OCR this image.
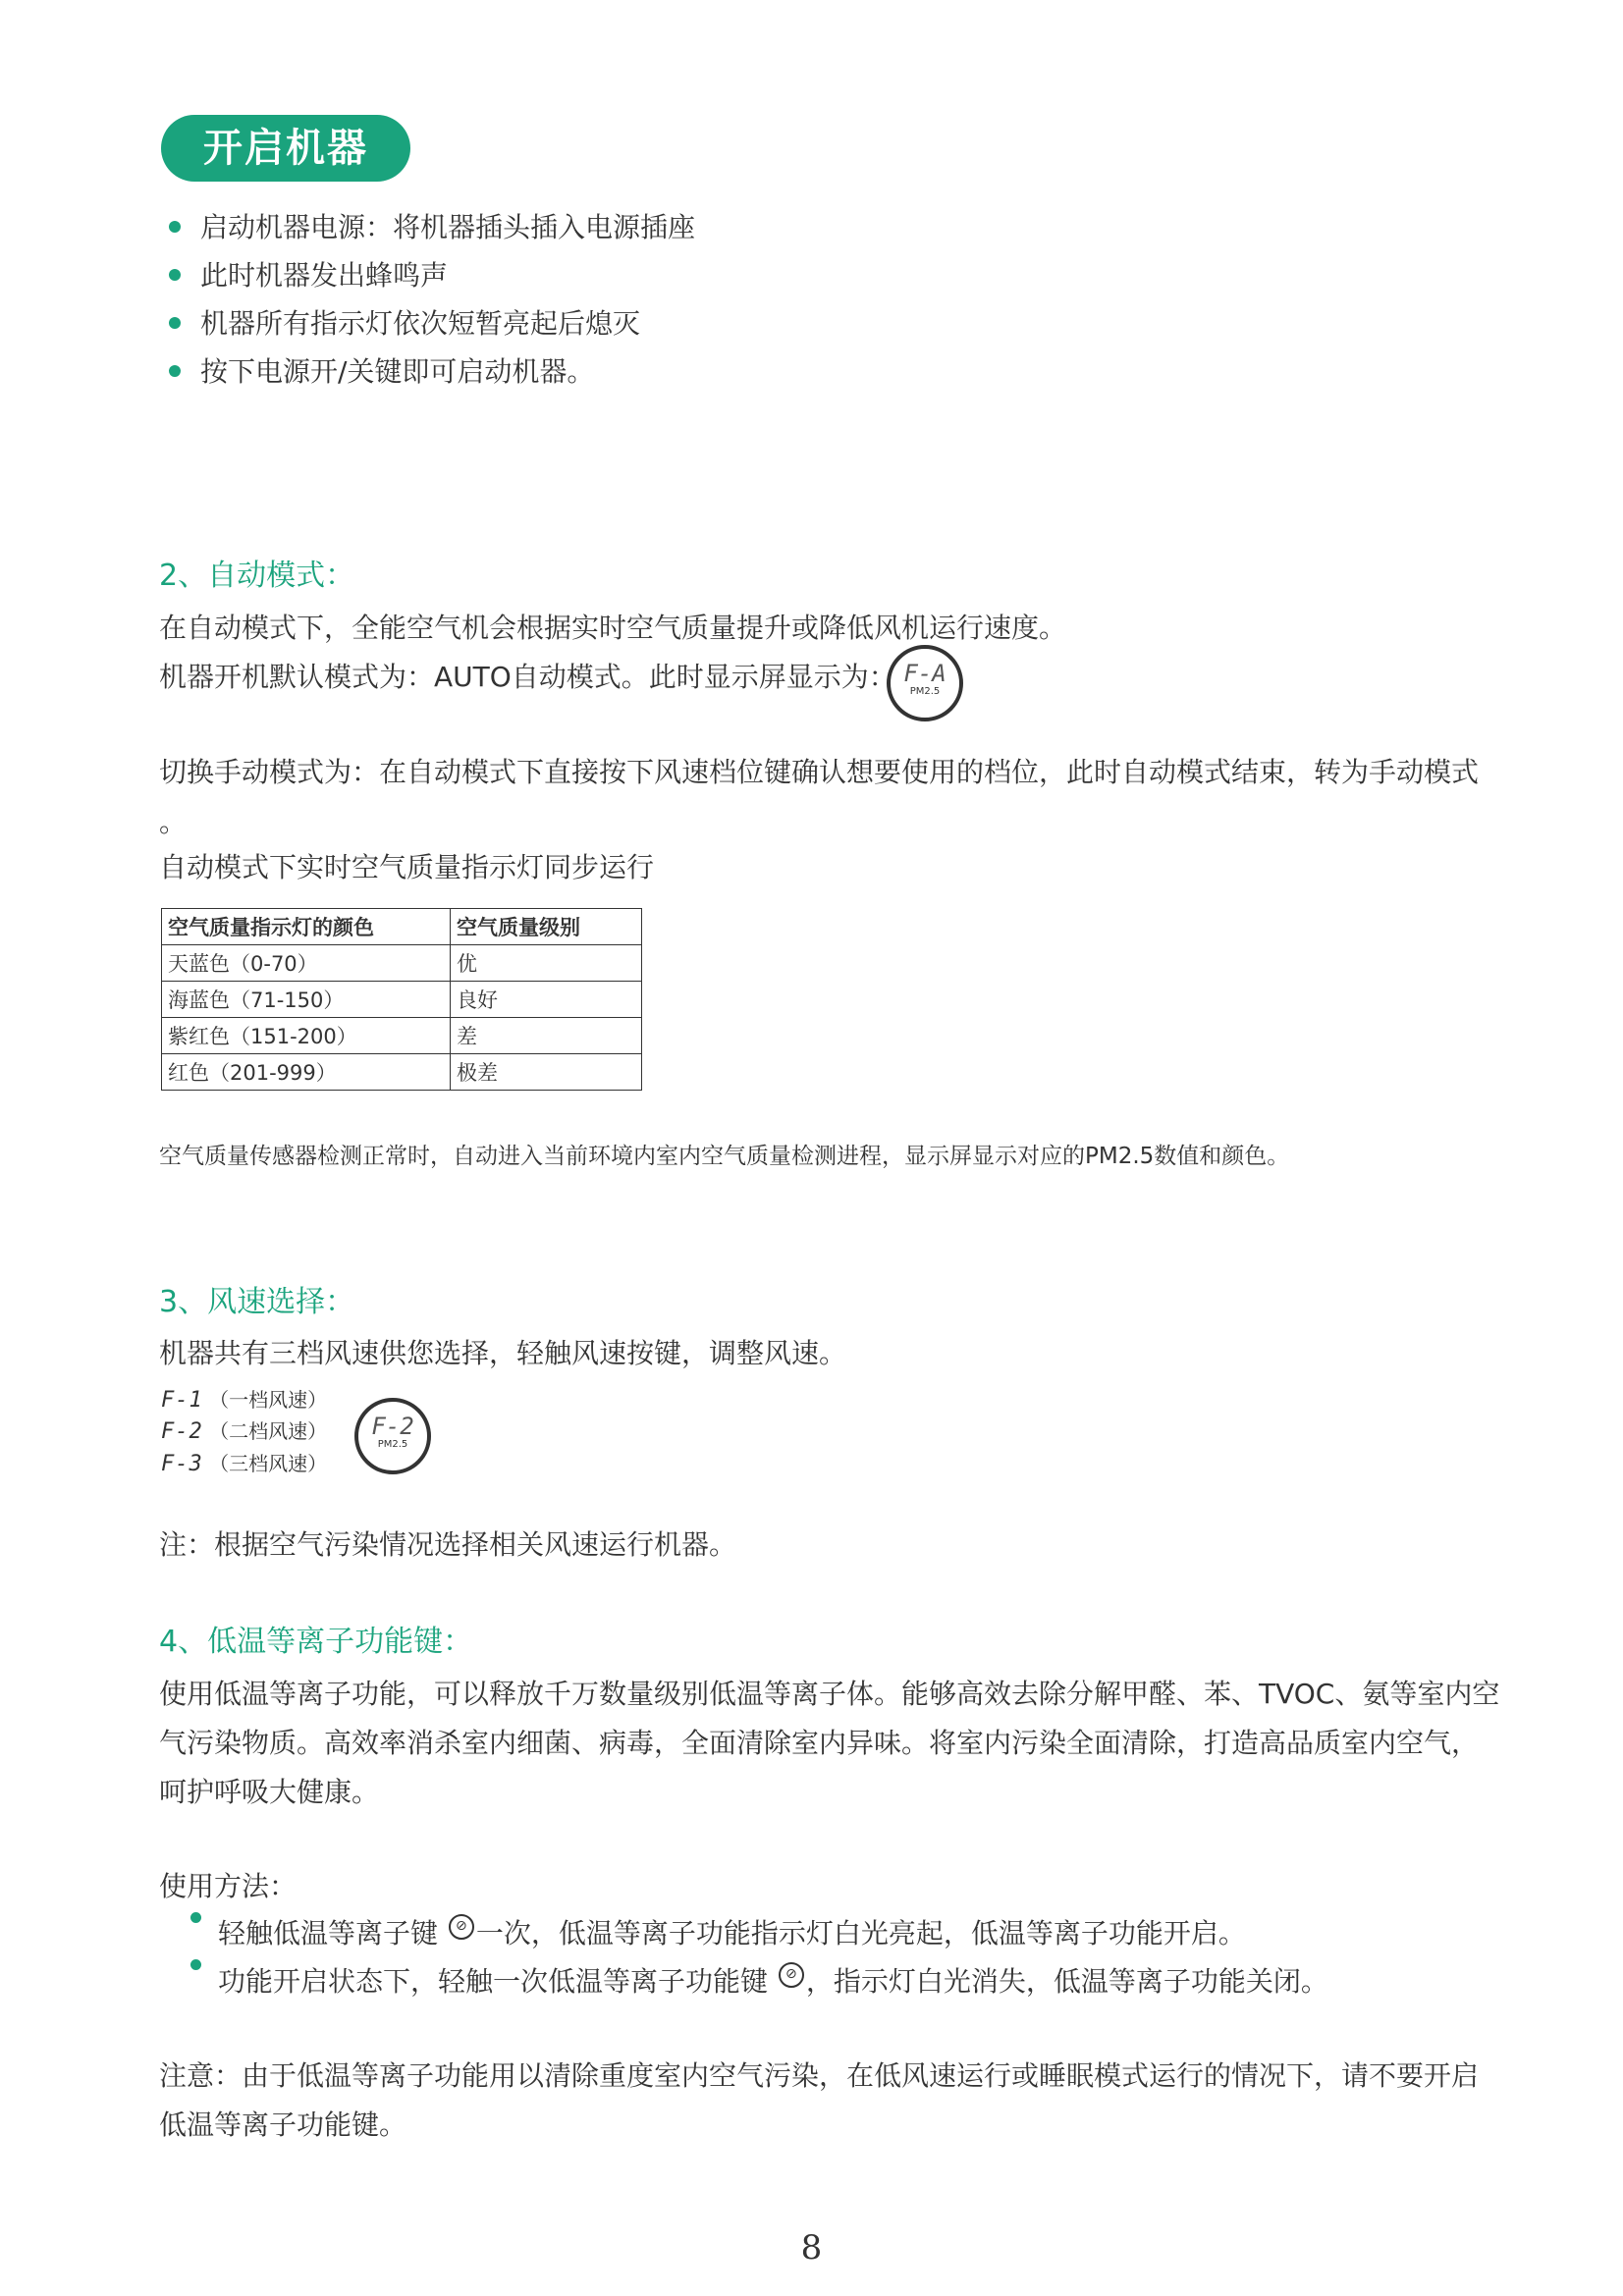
开启机器
启动机器电源：将机器插头插入电源插座
此时机器发出蜂鸣声
机器所有指示灯依次短暂亮起后熄灭
按下电源开/关键即可启动机器。
2、自动模式：
在自动模式下，全能空气机会根据实时空气质量提升或降低风机运行速度。
机器开机默认模式为：AUTO自动模式。此时显示屏显示为： F-A
PM2.5
切换手动模式为：在自动模式下直接按下风速档位键确认想要使用的档位，此时自动模式结束，转为手动模式
。
自动模式下实时空气质量指示灯同步运行
空气质量指示灯的颜色	空气质量级别
天蓝色（0-70）	优
海蓝色（71-150）	良好
紫红色（151-200）	差
红色（201-999）	极差
空气质量传感器检测正常时，自动进入当前环境内室内空气质量检测进程，显示屏显示对应的PM2.5数值和颜色。
3、风速选择：
机器共有三档风速供您选择，轻触风速按键，调整风速。
F-1 （一档风速）
F-2 （二档风速）
F-3 （三档风速）
F-2
PM2.5
注：根据空气污染情况选择相关风速运行机器。
4、低温等离子功能键：
使用低温等离子功能，可以释放千万数量级别低温等离子体。能够高效去除分解甲醛、苯、TVOC、氨等室内空
气污染物质。高效率消杀室内细菌、病毒，全面清除室内异味。将室内污染全面清除，打造高品质室内空气，
呵护呼吸大健康。
使用方法：
轻触低温等离子键 ⊘ 一次，低温等离子功能指示灯白光亮起，低温等离子功能开启。
功能开启状态下，轻触一次低温等离子功能键 ⊘ ，指示灯白光消失，低温等离子功能关闭。
注意：由于低温等离子功能用以清除重度室内空气污染，在低风速运行或睡眠模式运行的情况下，请不要开启
低温等离子功能键。
8
